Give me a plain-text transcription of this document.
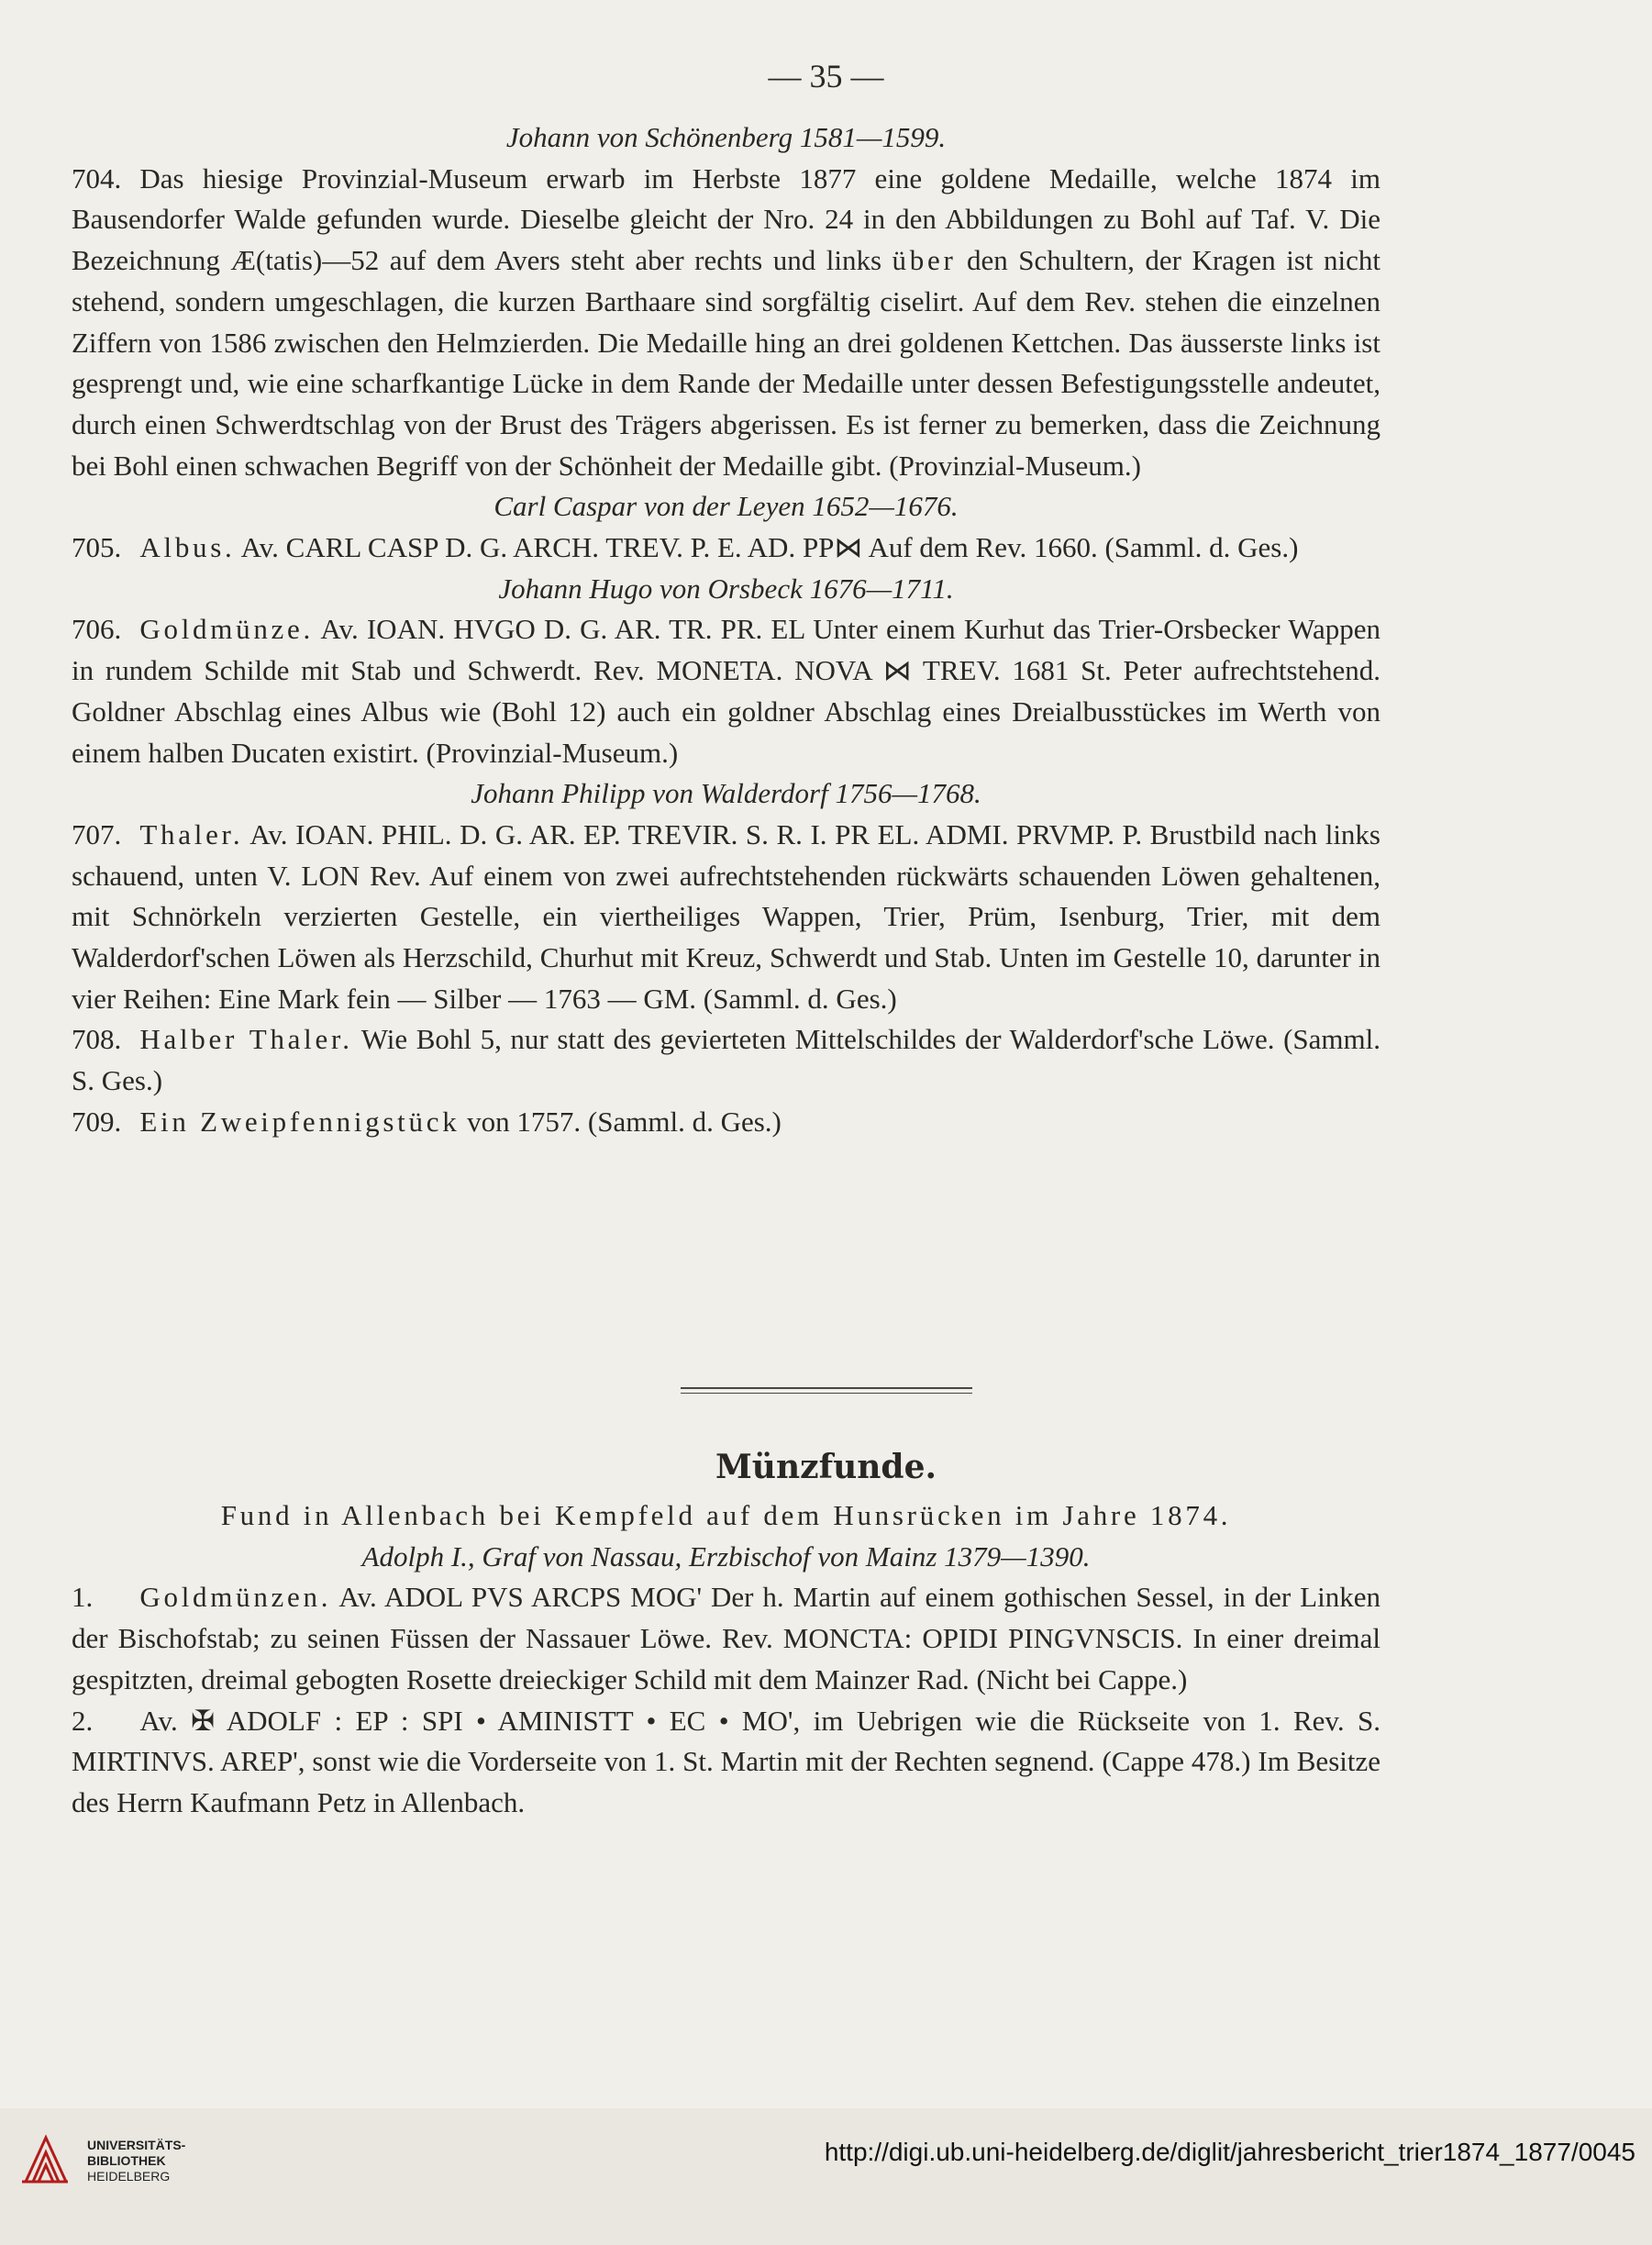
— 35 —
Johann von Schönenberg 1581—1599.
704. Das hiesige Provinzial-Museum erwarb im Herbste 1877 eine goldene Medaille, welche 1874 im Bausendorfer Walde gefunden wurde. Dieselbe gleicht der Nro. 24 in den Abbildungen zu Bohl auf Taf. V. Die Bezeichnung Æ(tatis)—52 auf dem Avers steht aber rechts und links über den Schultern, der Kragen ist nicht stehend, sondern umgeschlagen, die kurzen Barthaare sind sorgfältig ciselirt. Auf dem Rev. stehen die einzelnen Ziffern von 1586 zwischen den Helmzierden. Die Medaille hing an drei goldenen Kettchen. Das äusserste links ist gesprengt und, wie eine scharfkantige Lücke in dem Rande der Medaille unter dessen Befestigungsstelle andeutet, durch einen Schwerdtschlag von der Brust des Trägers abgerissen. Es ist ferner zu bemerken, dass die Zeichnung bei Bohl einen schwachen Begriff von der Schönheit der Medaille gibt. (Provinzial-Museum.)
Carl Caspar von der Leyen 1652—1676.
705. Albus. Av. CARL CASP D. G. ARCH. TREV. P. E. AD. PP⋈ Auf dem Rev. 1660. (Samml. d. Ges.)
Johann Hugo von Orsbeck 1676—1711.
706. Goldmünze. Av. IOAN. HVGO D. G. AR. TR. PR. EL Unter einem Kurhut das Trier-Orsbecker Wappen in rundem Schilde mit Stab und Schwerdt. Rev. MONETA. NOVA ⋈ TREV. 1681 St. Peter aufrechtstehend. Goldner Abschlag eines Albus wie (Bohl 12) auch ein goldner Abschlag eines Dreialbusstückes im Werth von einem halben Ducaten existirt. (Provinzial-Museum.)
Johann Philipp von Walderdorf 1756—1768.
707. Thaler. Av. IOAN. PHIL. D. G. AR. EP. TREVIR. S. R. I. PR EL. ADMI. PRVMP. P. Brustbild nach links schauend, unten V. LON Rev. Auf einem von zwei aufrechtstehenden rückwärts schauenden Löwen gehaltenen, mit Schnörkeln verzierten Gestelle, ein viertheiliges Wappen, Trier, Prüm, Isenburg, Trier, mit dem Walderdorf'schen Löwen als Herzschild, Churhut mit Kreuz, Schwerdt und Stab. Unten im Gestelle 10, darunter in vier Reihen: Eine Mark fein — Silber — 1763 — GM. (Samml. d. Ges.)
708. Halber Thaler. Wie Bohl 5, nur statt des gevierteten Mittelschildes der Walderdorf'sche Löwe. (Samml. S. Ges.)
709. Ein Zweipfennigstück von 1757. (Samml. d. Ges.)
Münzfunde.
Fund in Allenbach bei Kempfeld auf dem Hunsrücken im Jahre 1874.
Adolph I., Graf von Nassau, Erzbischof von Mainz 1379—1390.
1. Goldmünzen. Av. ADOL PVS ARCPS MOG' Der h. Martin auf einem gothischen Sessel, in der Linken der Bischofstab; zu seinen Füssen der Nassauer Löwe. Rev. MONCTA: OPIDI PINGVNSCIS. In einer dreimal gespitzten, dreimal gebogten Rosette dreieckiger Schild mit dem Mainzer Rad. (Nicht bei Cappe.)
2. Av. ✠ ADOLF : EP : SPI • AMINISTT • EC • MO', im Uebrigen wie die Rückseite von 1. Rev. S. MIRTINVS. AREP', sonst wie die Vorderseite von 1. St. Martin mit der Rechten segnend. (Cappe 478.) Im Besitze des Herrn Kaufmann Petz in Allenbach.
UNIVERSITÄTS-
BIBLIOTHEK
HEIDELBERG
http://digi.ub.uni-heidelberg.de/diglit/jahresbericht_trier1874_1877/0045
